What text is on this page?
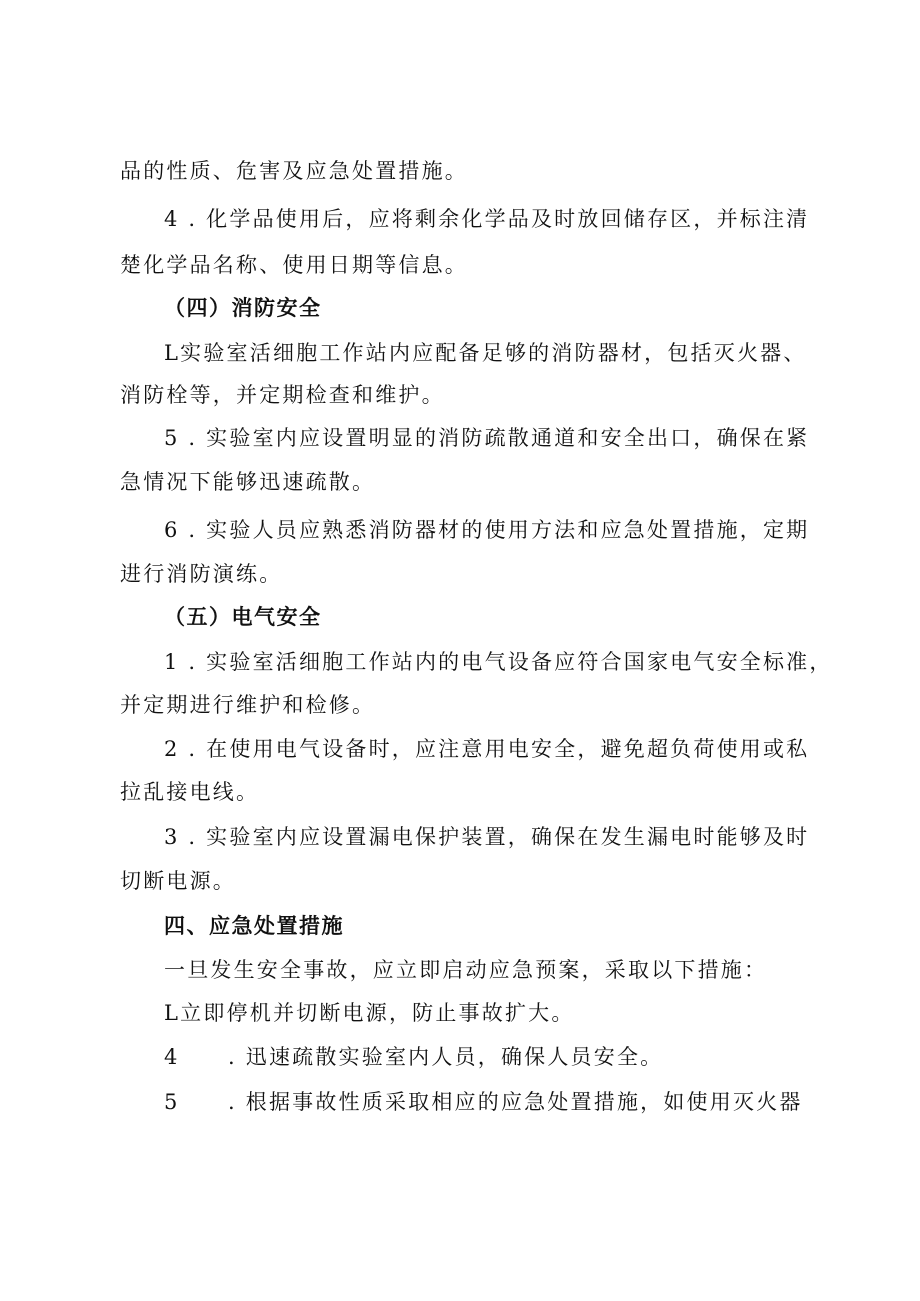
品的性质、危害及应急处置措施。
4 . 化学品使用后，应将剩余化学品及时放回储存区，并标注清
楚化学品名称、使用日期等信息。
（四）消防安全
L实验室活细胞工作站内应配备足够的消防器材，包括灭火器、
消防栓等，并定期检查和维护。
5 . 实验室内应设置明显的消防疏散通道和安全出口，确保在紧
急情况下能够迅速疏散。
6 . 实验人员应熟悉消防器材的使用方法和应急处置措施，定期
进行消防演练。
（五）电气安全
1 . 实验室活细胞工作站内的电气设备应符合国家电气安全标准，
并定期进行维护和检修。
2 . 在使用电气设备时，应注意用电安全，避免超负荷使用或私
拉乱接电线。
3 . 实验室内应设置漏电保护装置，确保在发生漏电时能够及时
切断电源。
四、应急处置措施
一旦发生安全事故，应立即启动应急预案，采取以下措施：
L立即停机并切断电源，防止事故扩大。
4 . 迅速疏散实验室内人员，确保人员安全。
5 . 根据事故性质采取相应的应急处置措施，如使用灭火器
